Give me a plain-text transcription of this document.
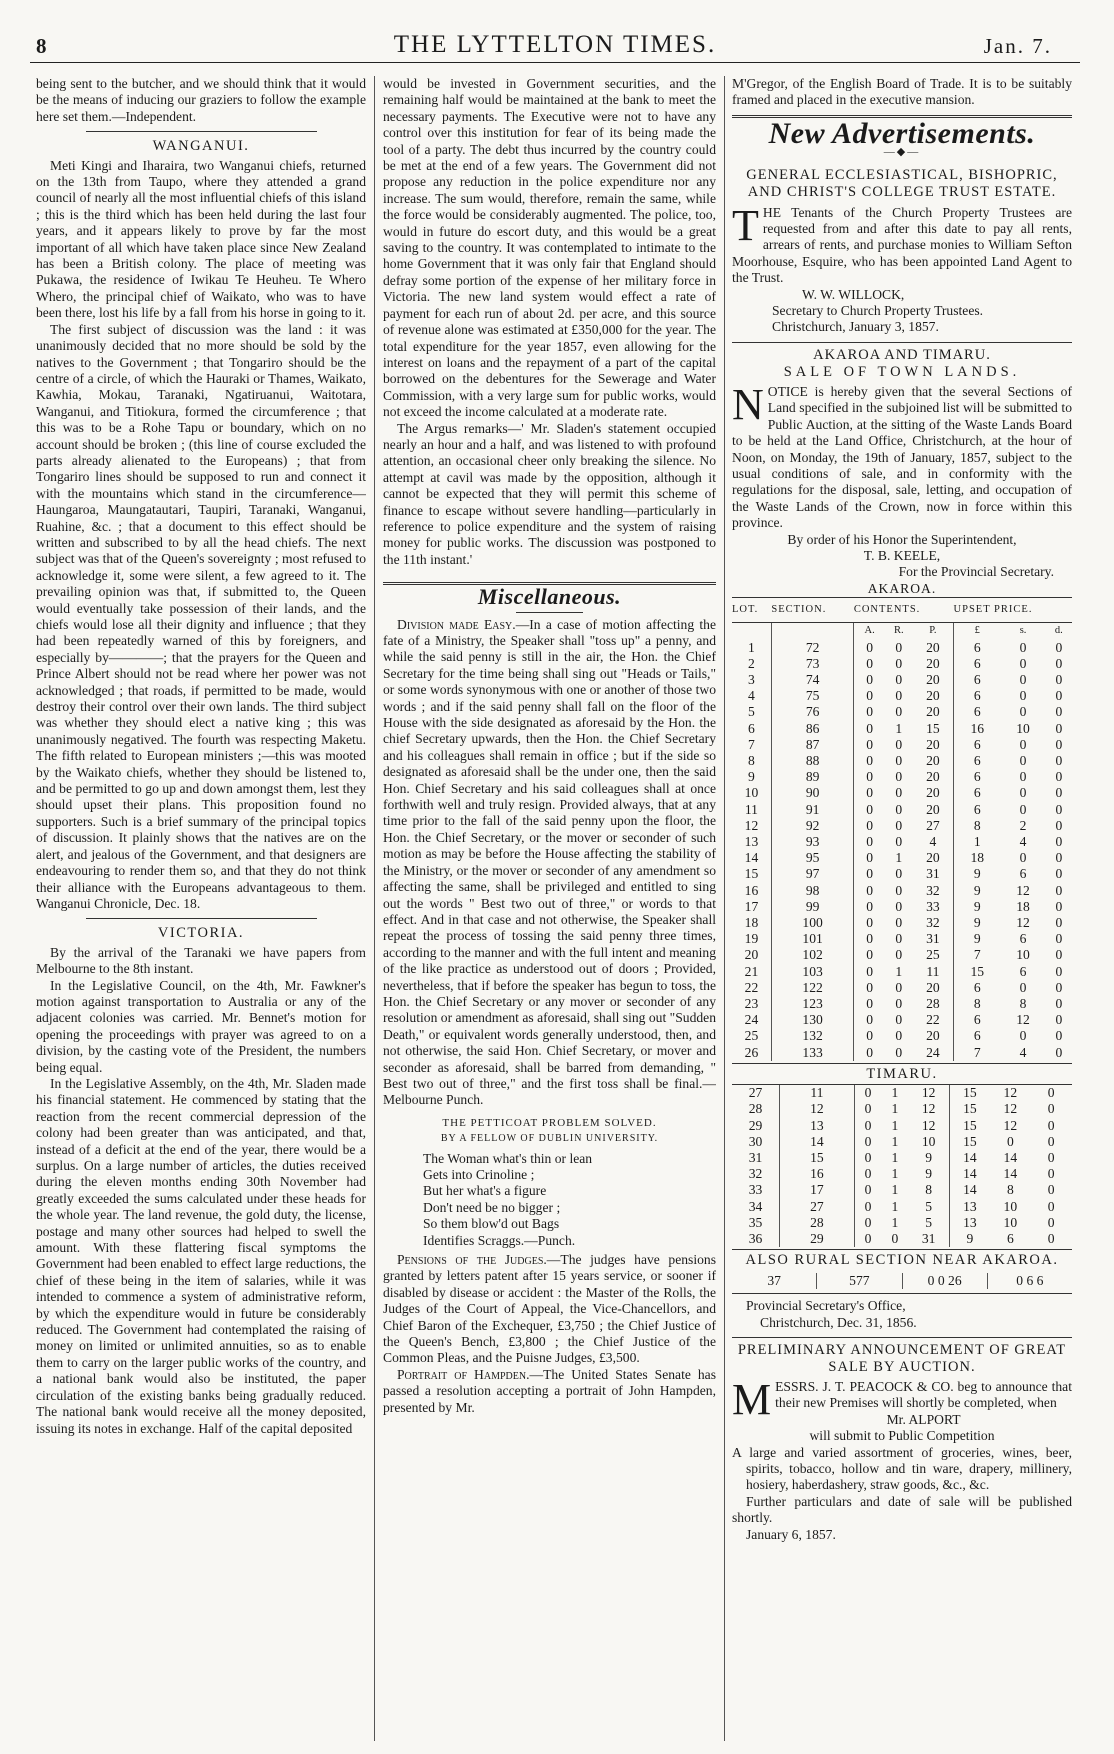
8	THE LYTTELTON TIMES.	Jan. 7.

being sent to the butcher, and we should think that it would be the means of inducing our graziers to follow the example here set them.—Independent.

WANGANUI.

Meti Kingi and Iharaira, two Wanganui chiefs, returned on the 13th from Taupo, where they attended a grand council of nearly all the most influential chiefs of this island ; this is the third which has been held during the last four years, and it appears likely to prove by far the most important of all which have taken place since New Zealand has been a British colony. The place of meeting was Pukawa, the residence of Iwikau Te Heuheu. Te Whero Whero, the principal chief of Waikato, who was to have been there, lost his life by a fall from his horse in going to it.

The first subject of discussion was the land : it was unanimously decided that no more should be sold by the natives to the Government ; that Tongariro should be the centre of a circle, of which the Hauraki or Thames, Waikato, Kawhia, Mokau, Taranaki, Ngatiruanui, Waitotara, Wanganui, and Titiokura, formed the circumference ; that this was to be a Rohe Tapu or boundary, which on no account should be broken ; (this line of course excluded the parts already alienated to the Europeans) ; that from Tongariro lines should be supposed to run and connect it with the mountains which stand in the circumference—Haungaroa, Maungatautari, Taupiri, Taranaki, Wanganui, Ruahine, &c. ; that a document to this effect should be written and subscribed to by all the head chiefs. The next subject was that of the Queen's sovereignty ; most refused to acknowledge it, some were silent, a few agreed to it. The prevailing opinion was that, if submitted to, the Queen would eventually take possession of their lands, and the chiefs would lose all their dignity and influence ; that they had been repeatedly warned of this by foreigners, and especially by————; that the prayers for the Queen and Prince Albert should not be read where her power was not acknowledged ; that roads, if permitted to be made, would destroy their control over their own lands. The third subject was whether they should elect a native king ; this was unanimously negatived. The fourth was respecting Maketu. The fifth related to European ministers ;—this was mooted by the Waikato chiefs, whether they should be listened to, and be permitted to go up and down amongst them, lest they should upset their plans. This proposition found no supporters. Such is a brief summary of the principal topics of discussion. It plainly shows that the natives are on the alert, and jealous of the Government, and that designers are endeavouring to render them so, and that they do not think their alliance with the Europeans advantageous to them. Wanganui Chronicle, Dec. 18.

VICTORIA.

By the arrival of the Taranaki we have papers from Melbourne to the 8th instant.

In the Legislative Council, on the 4th, Mr. Fawkner's motion against transportation to Australia or any of the adjacent colonies was carried. Mr. Bennet's motion for opening the proceedings with prayer was agreed to on a division, by the casting vote of the President, the numbers being equal.

In the Legislative Assembly, on the 4th, Mr. Sladen made his financial statement. He commenced by stating that the reaction from the recent commercial depression of the colony had been greater than was anticipated, and that, instead of a deficit at the end of the year, there would be a surplus. On a large number of articles, the duties received during the eleven months ending 30th November had greatly exceeded the sums calculated under these heads for the whole year. The land revenue, the gold duty, the license, postage and many other sources had helped to swell the amount. With these flattering fiscal symptoms the Government had been enabled to effect large reductions, the chief of these being in the item of salaries, while it was intended to commence a system of administrative reform, by which the expenditure would in future be considerably reduced. The Government had contemplated the raising of money on limited or unlimited annuities, so as to enable them to carry on the larger public works of the country, and a national bank would also be instituted, the paper circulation of the existing banks being gradually reduced. The national bank would receive all the money deposited, issuing its notes in exchange. Half of the capital deposited

would be invested in Government securities, and the remaining half would be maintained at the bank to meet the necessary payments. The Executive were not to have any control over this institution for fear of its being made the tool of a party. The debt thus incurred by the country could be met at the end of a few years. The Government did not propose any reduction in the police expenditure nor any increase. The sum would, therefore, remain the same, while the force would be considerably augmented. The police, too, would in future do escort duty, and this would be a great saving to the country. It was contemplated to intimate to the home Government that it was only fair that England should defray some portion of the expense of her military force in Victoria. The new land system would effect a rate of payment for each run of about 2d. per acre, and this source of revenue alone was estimated at £350,000 for the year. The total expenditure for the year 1857, even allowing for the interest on loans and the repayment of a part of the capital borrowed on the debentures for the Sewerage and Water Commission, with a very large sum for public works, would not exceed the income calculated at a moderate rate.

The Argus remarks—' Mr. Sladen's statement occupied nearly an hour and a half, and was listened to with profound attention, an occasional cheer only breaking the silence. No attempt at cavil was made by the opposition, although it cannot be expected that they will permit this scheme of finance to escape without severe handling—particularly in reference to police expenditure and the system of raising money for public works. The discussion was postponed to the 11th instant.'

Miscellaneous.

Division made Easy.—In a case of motion affecting the fate of a Ministry, the Speaker shall "toss up" a penny, and while the said penny is still in the air, the Hon. the Chief Secretary for the time being shall sing out "Heads or Tails," or some words synonymous with one or another of those two words ; and if the said penny shall fall on the floor of the House with the side designated as aforesaid by the Hon. the chief Secretary upwards, then the Hon. the Chief Secretary and his colleagues shall remain in office ; but if the side so designated as aforesaid shall be the under one, then the said Hon. Chief Secretary and his said colleagues shall at once forthwith well and truly resign. Provided always, that at any time prior to the fall of the said penny upon the floor, the Hon. the Chief Secretary, or the mover or seconder of such motion as may be before the House affecting the stability of the Ministry, or the mover or seconder of any amendment so affecting the same, shall be privileged and entitled to sing out the words " Best two out of three," or words to that effect. And in that case and not otherwise, the Speaker shall repeat the process of tossing the said penny three times, according to the manner and with the full intent and meaning of the like practice as understood out of doors ; Provided, nevertheless, that if before the speaker has begun to toss, the Hon. the Chief Secretary or any mover or seconder of any resolution or amendment as aforesaid, shall sing out "Sudden Death," or equivalent words generally understood, then, and not otherwise, the said Hon. Chief Secretary, or mover and seconder as aforesaid, shall be barred from demanding, " Best two out of three," and the first toss shall be final.—Melbourne Punch.

THE PETTICOAT PROBLEM SOLVED.
BY A FELLOW OF DUBLIN UNIVERSITY.
The Woman what's thin or lean
Gets into Crinoline ;
But her what's a figure
Don't need be no bigger ;
So them blow'd out Bags
Identifies Scraggs.—Punch.

Pensions of the Judges.—The judges have pensions granted by letters patent after 15 years service, or sooner if disabled by disease or accident : the Master of the Rolls, the Judges of the Court of Appeal, the Vice-Chancellors, and Chief Baron of the Exchequer, £3,750 ; the Chief Justice of the Queen's Bench, £3,800 ; the Chief Justice of the Common Pleas, and the Puisne Judges, £3,500.

Portrait of Hampden.—The United States Senate has passed a resolution accepting a portrait of John Hampden, presented by Mr.

M'Gregor, of the English Board of Trade. It is to be suitably framed and placed in the executive mansion.

New Advertisements.
—◆—
GENERAL ECCLESIASTICAL, BISHOPRIC, AND CHRIST'S COLLEGE TRUST ESTATE.

THE Tenants of the Church Property Trustees are requested from and after this date to pay all rents, arrears of rents, and purchase monies to William Sefton Moorhouse, Esquire, who has been appointed Land Agent to the Trust.

W. W. WILLOCK,
Secretary to Church Property Trustees.
Christchurch, January 3, 1857.
AKAROA AND TIMARU.
SALE OF TOWN LANDS.

NOTICE is hereby given that the several Sections of Land specified in the subjoined list will be submitted to Public Auction, at the sitting of the Waste Lands Board to be held at the Land Office, Christchurch, at the hour of Noon, on Monday, the 19th of January, 1857, subject to the usual conditions of sale, and in conformity with the regulations for the disposal, sale, letting, and occupation of the Waste Lands of the Crown, now in force within this province.

By order of his Honor the Superintendent,
T. B. KEELE,
For the Provincial Secretary.
AKAROA.
LOT.	SECTION.	CONTENTS.			UPSET PRICE.		
		A.	R.	P.	£	s.	d.
1	72	0	0	20	6	0	0
2	73	0	0	20	6	0	0
3	74	0	0	20	6	0	0
4	75	0	0	20	6	0	0
5	76	0	0	20	6	0	0
6	86	0	1	15	16	10	0
7	87	0	0	20	6	0	0
8	88	0	0	20	6	0	0
9	89	0	0	20	6	0	0
10	90	0	0	20	6	0	0
11	91	0	0	20	6	0	0
12	92	0	0	27	8	2	0
13	93	0	0	4	1	4	0
14	95	0	1	20	18	0	0
15	97	0	0	31	9	6	0
16	98	0	0	32	9	12	0
17	99	0	0	33	9	18	0
18	100	0	0	32	9	12	0
19	101	0	0	31	9	6	0
20	102	0	0	25	7	10	0
21	103	0	1	11	15	6	0
22	122	0	0	20	6	0	0
23	123	0	0	28	8	8	0
24	130	0	0	22	6	12	0
25	132	0	0	20	6	0	0
26	133	0	0	24	7	4	0
TIMARU.
27	11	0	1	12	15	12	0
28	12	0	1	12	15	12	0
29	13	0	1	12	15	12	0
30	14	0	1	10	15	0	0
31	15	0	1	9	14	14	0
32	16	0	1	9	14	14	0
33	17	0	1	8	14	8	0
34	27	0	1	5	13	10	0
35	28	0	1	5	13	10	0
36	29	0	0	31	9	6	0
ALSO RURAL SECTION NEAR AKAROA.
37	577	0 0 26	0 6 6
Provincial Secretary's Office,
Christchurch, Dec. 31, 1856.
PRELIMINARY ANNOUNCEMENT OF GREAT SALE BY AUCTION.

MESSRS. J. T. PEACOCK & CO. beg to announce that their new Premises will shortly be completed, when

Mr. ALPORT
will submit to Public Competition

A large and varied assortment of groceries, wines, beer, spirits, tobacco, hollow and tin ware, drapery, millinery, hosiery, haberdashery, straw goods, &c., &c.

Further particulars and date of sale will be published shortly.

January 6, 1857.
